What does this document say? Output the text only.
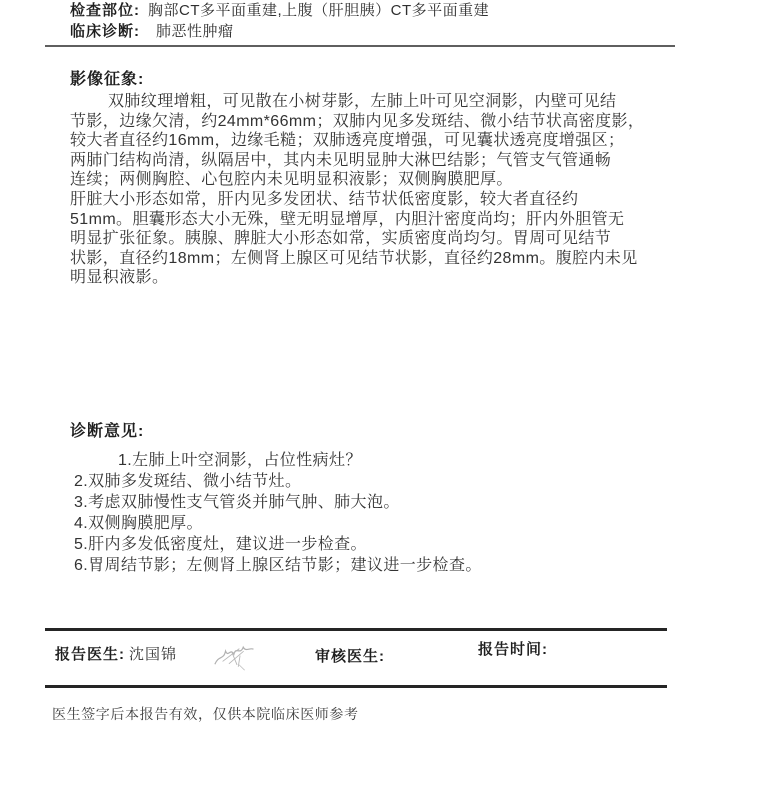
检查部位: 胸部CT多平面重建,上腹（肝胆胰）CT多平面重建
临床诊断: 肺恶性肿瘤
影像征象:
双肺纹理增粗，可见散在小树芽影，左肺上叶可见空洞影，内壁可见结
节影，边缘欠清，约24mm*66mm；双肺内见多发斑结、微小结节状高密度影，
较大者直径约16mm，边缘毛糙；双肺透亮度增强，可见囊状透亮度增强区；
两肺门结构尚清，纵隔居中，其内未见明显肿大淋巴结影；气管支气管通畅
连续；两侧胸腔、心包腔内未见明显积液影；双侧胸膜肥厚。
肝脏大小形态如常，肝内见多发团状、结节状低密度影，较大者直径约
51mm。胆囊形态大小无殊，壁无明显增厚，内胆汁密度尚均；肝内外胆管无
明显扩张征象。胰腺、脾脏大小形态如常，实质密度尚均匀。胃周可见结节
状影，直径约18mm；左侧肾上腺区可见结节状影，直径约28mm。腹腔内未见
明显积液影。
诊断意见:
1.左肺上叶空洞影，占位性病灶？
2.双肺多发斑结、微小结节灶。
3.考虑双肺慢性支气管炎并肺气肿、肺大泡。
4.双侧胸膜肥厚。
5.肝内多发低密度灶，建议进一步检查。
6.胃周结节影；左侧肾上腺区结节影；建议进一步检查。
报告医生: 沈国锦	审核医生:	报告时间:
医生签字后本报告有效，仅供本院临床医师参考
